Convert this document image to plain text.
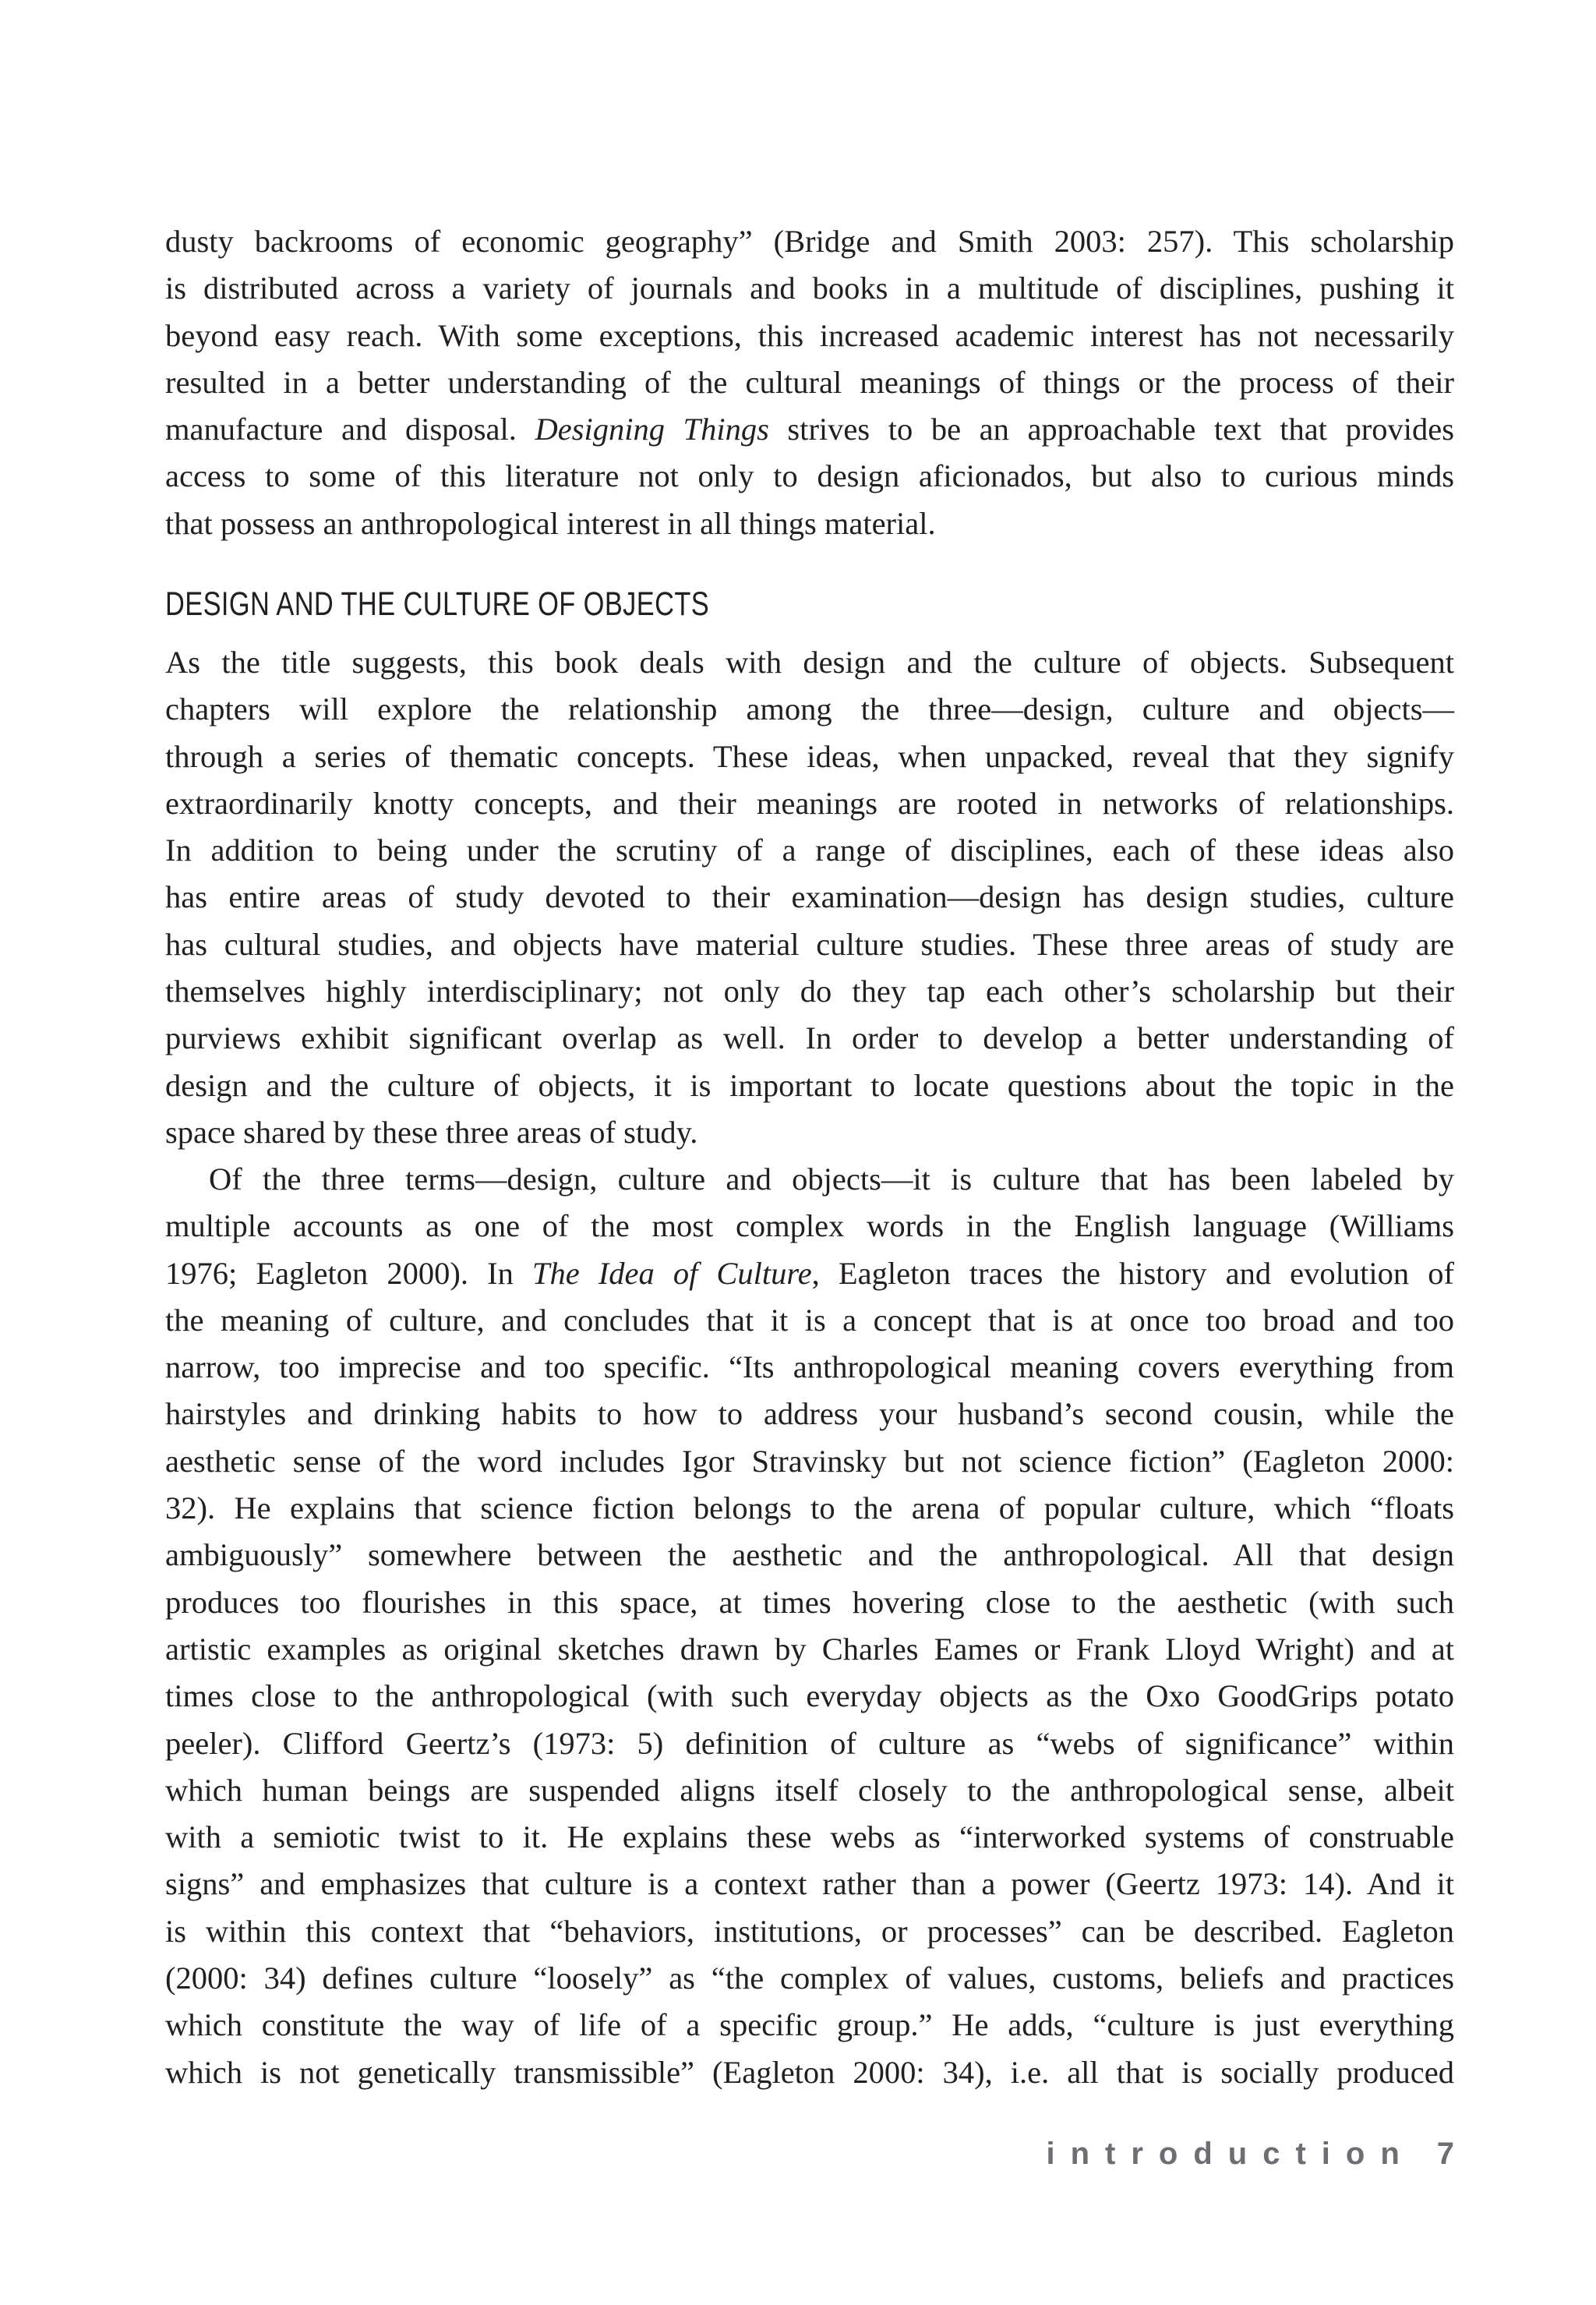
dusty backrooms of economic geography” (Bridge and Smith 2003: 257). This scholarship
is distributed across a variety of journals and books in a multitude of disciplines, pushing it
beyond easy reach. With some exceptions, this increased academic interest has not necessarily
resulted in a better understanding of the cultural meanings of things or the process of their
manufacture and disposal. Designing Things strives to be an approachable text that provides
access to some of this literature not only to design aficionados, but also to curious minds
that possess an anthropological interest in all things material.
DESIGN AND THE CULTURE OF OBJECTS
As the title suggests, this book deals with design and the culture of objects. Subsequent
chapters will explore the relationship among the three—design, culture and objects—
through a series of thematic concepts. These ideas, when unpacked, reveal that they signify
extraordinarily knotty concepts, and their meanings are rooted in networks of relationships.
In addition to being under the scrutiny of a range of disciplines, each of these ideas also
has entire areas of study devoted to their examination—design has design studies, culture
has cultural studies, and objects have material culture studies. These three areas of study are
themselves highly interdisciplinary; not only do they tap each other’s scholarship but their
purviews exhibit significant overlap as well. In order to develop a better understanding of
design and the culture of objects, it is important to locate questions about the topic in the
space shared by these three areas of study.
Of the three terms—design, culture and objects—it is culture that has been labeled by
multiple accounts as one of the most complex words in the English language (Williams
1976; Eagleton 2000). In The Idea of Culture, Eagleton traces the history and evolution of
the meaning of culture, and concludes that it is a concept that is at once too broad and too
narrow, too imprecise and too specific. “Its anthropological meaning covers everything from
hairstyles and drinking habits to how to address your husband’s second cousin, while the
aesthetic sense of the word includes Igor Stravinsky but not science fiction” (Eagleton 2000:
32). He explains that science fiction belongs to the arena of popular culture, which “floats
ambiguously” somewhere between the aesthetic and the anthropological. All that design
produces too flourishes in this space, at times hovering close to the aesthetic (with such
artistic examples as original sketches drawn by Charles Eames or Frank Lloyd Wright) and at
times close to the anthropological (with such everyday objects as the Oxo GoodGrips potato
peeler). Clifford Geertz’s (1973: 5) definition of culture as “webs of significance” within
which human beings are suspended aligns itself closely to the anthropological sense, albeit
with a semiotic twist to it. He explains these webs as “interworked systems of construable
signs” and emphasizes that culture is a context rather than a power (Geertz 1973: 14). And it
is within this context that “behaviors, institutions, or processes” can be described. Eagleton
(2000: 34) defines culture “loosely” as “the complex of values, customs, beliefs and practices
which constitute the way of life of a specific group.” He adds, “culture is just everything
which is not genetically transmissible” (Eagleton 2000: 34), i.e. all that is socially produced
introduction 7
